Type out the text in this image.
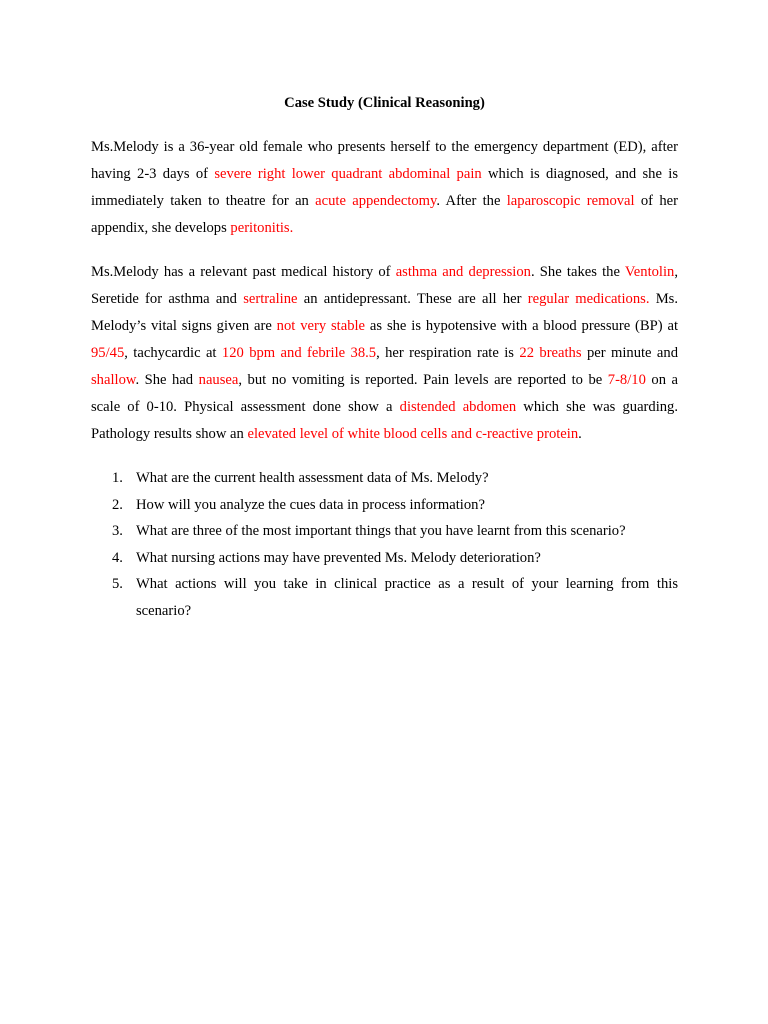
Case Study (Clinical Reasoning)

Ms.Melody is a 36-year old female who presents herself to the emergency department (ED), after having 2-3 days of severe right lower quadrant abdominal pain which is diagnosed, and she is immediately taken to theatre for an acute appendectomy. After the laparoscopic removal of her appendix, she develops peritonitis.

Ms.Melody has a relevant past medical history of asthma and depression. She takes the Ventolin, Seretide for asthma and sertraline an antidepressant. These are all her regular medications. Ms. Melody’s vital signs given are not very stable as she is hypotensive with a blood pressure (BP) at 95/45, tachycardic at 120 bpm and febrile 38.5, her respiration rate is 22 breaths per minute and shallow. She had nausea, but no vomiting is reported. Pain levels are reported to be 7-8/10 on a scale of 0-10. Physical assessment done show a distended abdomen which she was guarding. Pathology results show an elevated level of white blood cells and c-reactive protein.

1. What are the current health assessment data of Ms. Melody?
2. How will you analyze the cues data in process information?
3. What are three of the most important things that you have learnt from this scenario?
4. What nursing actions may have prevented Ms. Melody deterioration?
5. What actions will you take in clinical practice as a result of your learning from this scenario?
